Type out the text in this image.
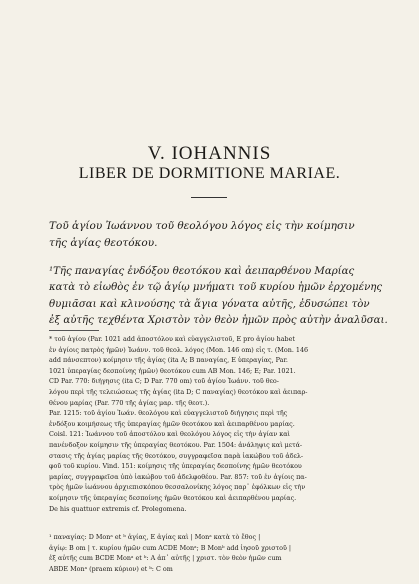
V. ΙΟΗΑΝΝΙS
LIBER DE DORMITIONE MARIAE.
Τοῦ ἁγίου Ἰωάννου τοῦ θεολόγου λόγος εἰς τὴν κοίμησιν
τῆς ἁγίας θεοτόκου.
¹Τῆς παναγίας ἐνδόξου θεοτόκου καὶ ἀειπαρθένου Μαρίας
κατὰ τὸ εἰωθὸς ἐν τῷ ἁγίῳ μνήματι τοῦ κυρίου ἡμῶν ἐρχομένης
θυμιᾶσαι καὶ κλινούσης τὰ ἅγια γόνατα αὐτῆς, ἐδυσώπει τὸν
ἐξ αὐτῆς τεχθέντα Χριστὸν τὸν θεὸν ἡμῶν πρὸς αὐτὴν ἀναλῦσαι.
* τοῦ ἁγίου (Par. 1021 add ἀποστόλου καὶ εὐαγγελιστοῦ, E pro ἁγίου habet
ἐν ἁγίοις πατρὸς ἡμῶν) Ἰωάνν. τοῦ θεολ. λόγος (Mon. 146 om) εἰς τ. (Mon. 146
add πάνσεπτον) κοίμησιν τῆς ἁγίας (ita A; B παναγίας, E ὑπεραγίας, Par.
1021 ὑπεραγίας δεσποίνης ἡμῶν) θεοτόκου cum AB Mon. 146; E; Par. 1021.
CD Par. 770: διήγησις (ita C; D Par. 770 om) τοῦ ἁγίου Ἰωάνν. τοῦ θεο-
λόγου περὶ τῆς τελειώσεως τῆς ἁγίας (ita D; C παναγίας) θεοτόκου καὶ ἀειπαρ-
θένου μαρίας (Par. 770 τῆς ἁγίας μαρ. τῆς θεοτ.).
Par. 1215: τοῦ ἁγίου Ἰωάν. θεολόγου καὶ εὐαγγελιστοῦ διήγησις περὶ τῆς
ἐνδόξου κοιμήσεως τῆς ὑπεραγίας ἡμῶν θεοτόκου καὶ ἀειπαρθένου μαρίας.
Coisl. 121: Ἰωάννου τοῦ ἀποστόλου καὶ θεολόγου λόγος εἰς τὴν ἁγίαν καὶ
πανένδοξον κοίμησιν τῆς ὑπεραγίας θεοτόκου. Par. 1504: ἀνάληψις καὶ μετά-
στασις τῆς ἁγίας μαρίας τῆς θεοτόκου, συγγραφεῖσα παρὰ ἰακώβου τοῦ ἀδελ-
φοῦ τοῦ κυρίου. Vind. 151: κοίμησις τῆς ὑπεραγίας δεσποίνης ἡμῶν θεοτόκου
μαρίας, συγγραφεῖσα ὑπὸ ἰακώβου τοῦ ἀδελφοθέου. Par. 857: τοῦ ἐν ἁγίοις πα-
τρὸς ἡμῶν ἰωάννου ἀρχιεπισκόπου θεσσαλονίκης λόγος παρ᾽ ἐφόλκων εἰς τὴν
κοίμησιν τῆς ὑπεραγίας δεσποίνης ἡμῶν θεοτόκου καὶ ἀειπαρθένου μαρίας.
De his quattuor extremis cf. Prolegomena.
¹ παναγίας: D Monᵃ et ᵇ ἁγίας, E ἁγίας καὶ | Monᵃ κατὰ τὸ ἔθος |
ἁγίῳ: B om | τ. κυρίου ἡμῶν cum ACDE Monᵃ; B Monᵇ add ἰησοῦ χριστοῦ |
ἐξ αὐτῆς cum BCDE Monᵃ et ᵇ: A ἀπ᾽ αὐτῆς | χριστ. τὸν θεὸν ἡμῶν cum
ABDE Monᵃ (praem κύριον) et ᵇ: C om
